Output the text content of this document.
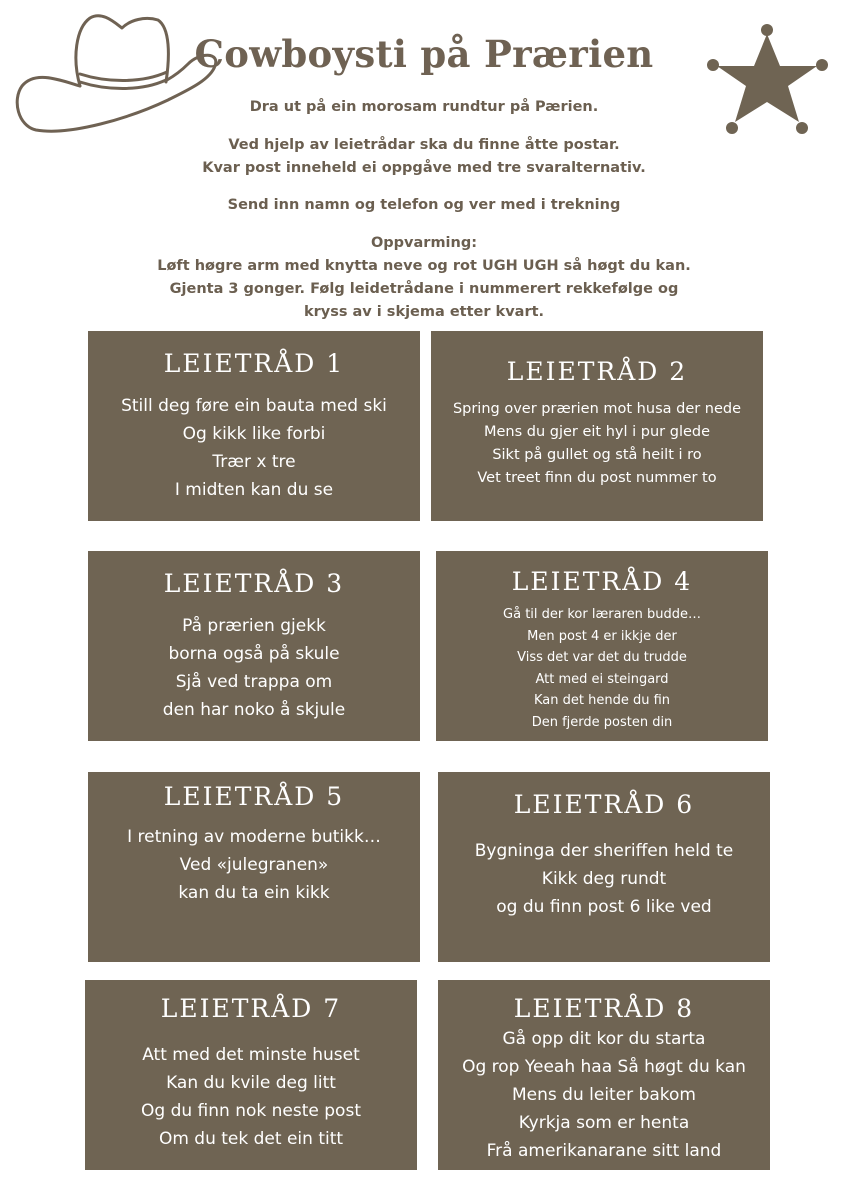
Cowboysti på Prærien
Dra ut på ein morosam rundtur på Pærien.
Ved hjelp av leietrådar ska du finne åtte postar.
Kvar post inneheld ei oppgåve med tre svaralternativ.
Send inn namn og telefon og ver med i trekning
Oppvarming:
Løft høgre arm med knytta neve og rot UGH UGH så høgt du kan.
Gjenta 3 gonger. Følg leidetrådane i nummerert rekkefølge og
kryss av i skjema etter kvart.
LEIETRÅD 1
Still deg føre ein bauta med ski
Og kikk like forbi
Trær x tre
I midten kan du se
LEIETRÅD 2
Spring over prærien mot husa der nede
Mens du gjer eit hyl i pur glede
Sikt på gullet og stå heilt i ro
Vet treet finn du post nummer to
LEIETRÅD 3
På prærien gjekk
borna også på skule
Sjå ved trappa om
den har noko å skjule
LEIETRÅD 4
Gå til der kor læraren budde…
Men post 4 er ikkje der
Viss det var det du trudde
Att med ei steingard
Kan det hende du fin
Den fjerde posten din
LEIETRÅD 5
I retning av moderne butikk…
Ved «julegranen»
kan du ta ein kikk
LEIETRÅD 6
Bygninga der sheriffen held te
Kikk deg rundt
og du finn post 6 like ved
LEIETRÅD 7
Att med det minste huset
Kan du kvile deg litt
Og du finn nok neste post
Om du tek det ein titt
LEIETRÅD 8
Gå opp dit kor du starta
Og rop Yeeah haa Så høgt du kan
Mens du leiter bakom
Kyrkja som er henta
Frå amerikanarane sitt land
